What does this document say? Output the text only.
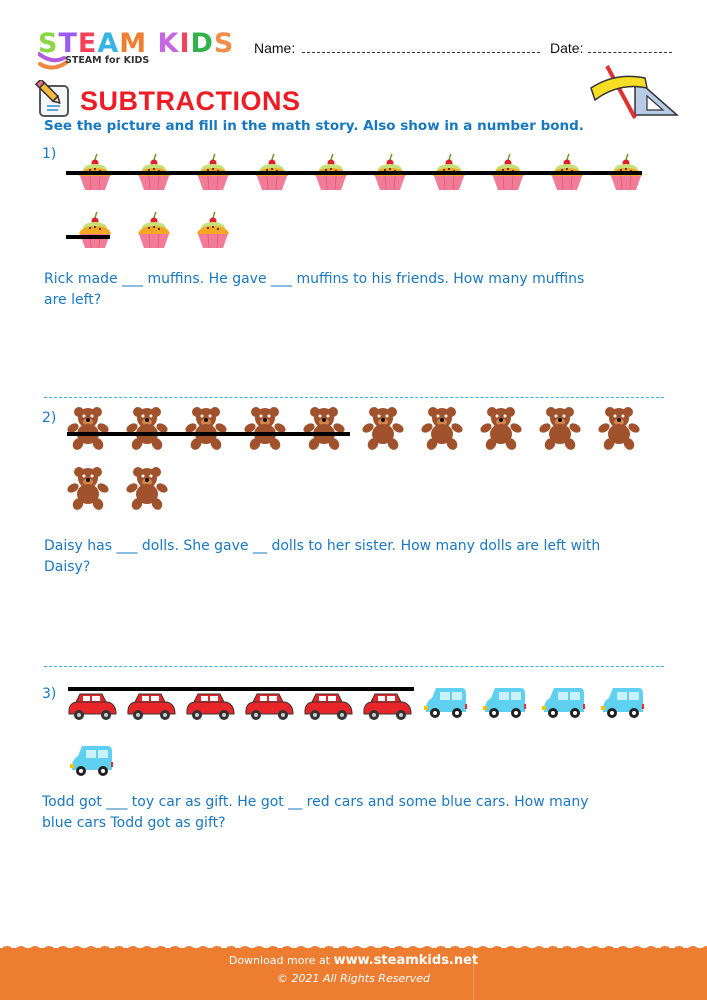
STEAM KIDS
STEAM for KIDS
Name:	Date:
SUBTRACTIONS
See the picture and fill in the math story. Also show in a number bond.
1)
Rick made ___ muffins. He gave ___ muffins to his friends. How many muffins
are left?
2)
Daisy has ___ dolls. She gave __ dolls to her sister. How many dolls are left with
Daisy?
3)
Todd got ___ toy car as gift. He got __ red cars and some blue cars. How many
blue cars Todd got as gift?
Download more at www.steamkids.net
© 2021 All Rights Reserved
